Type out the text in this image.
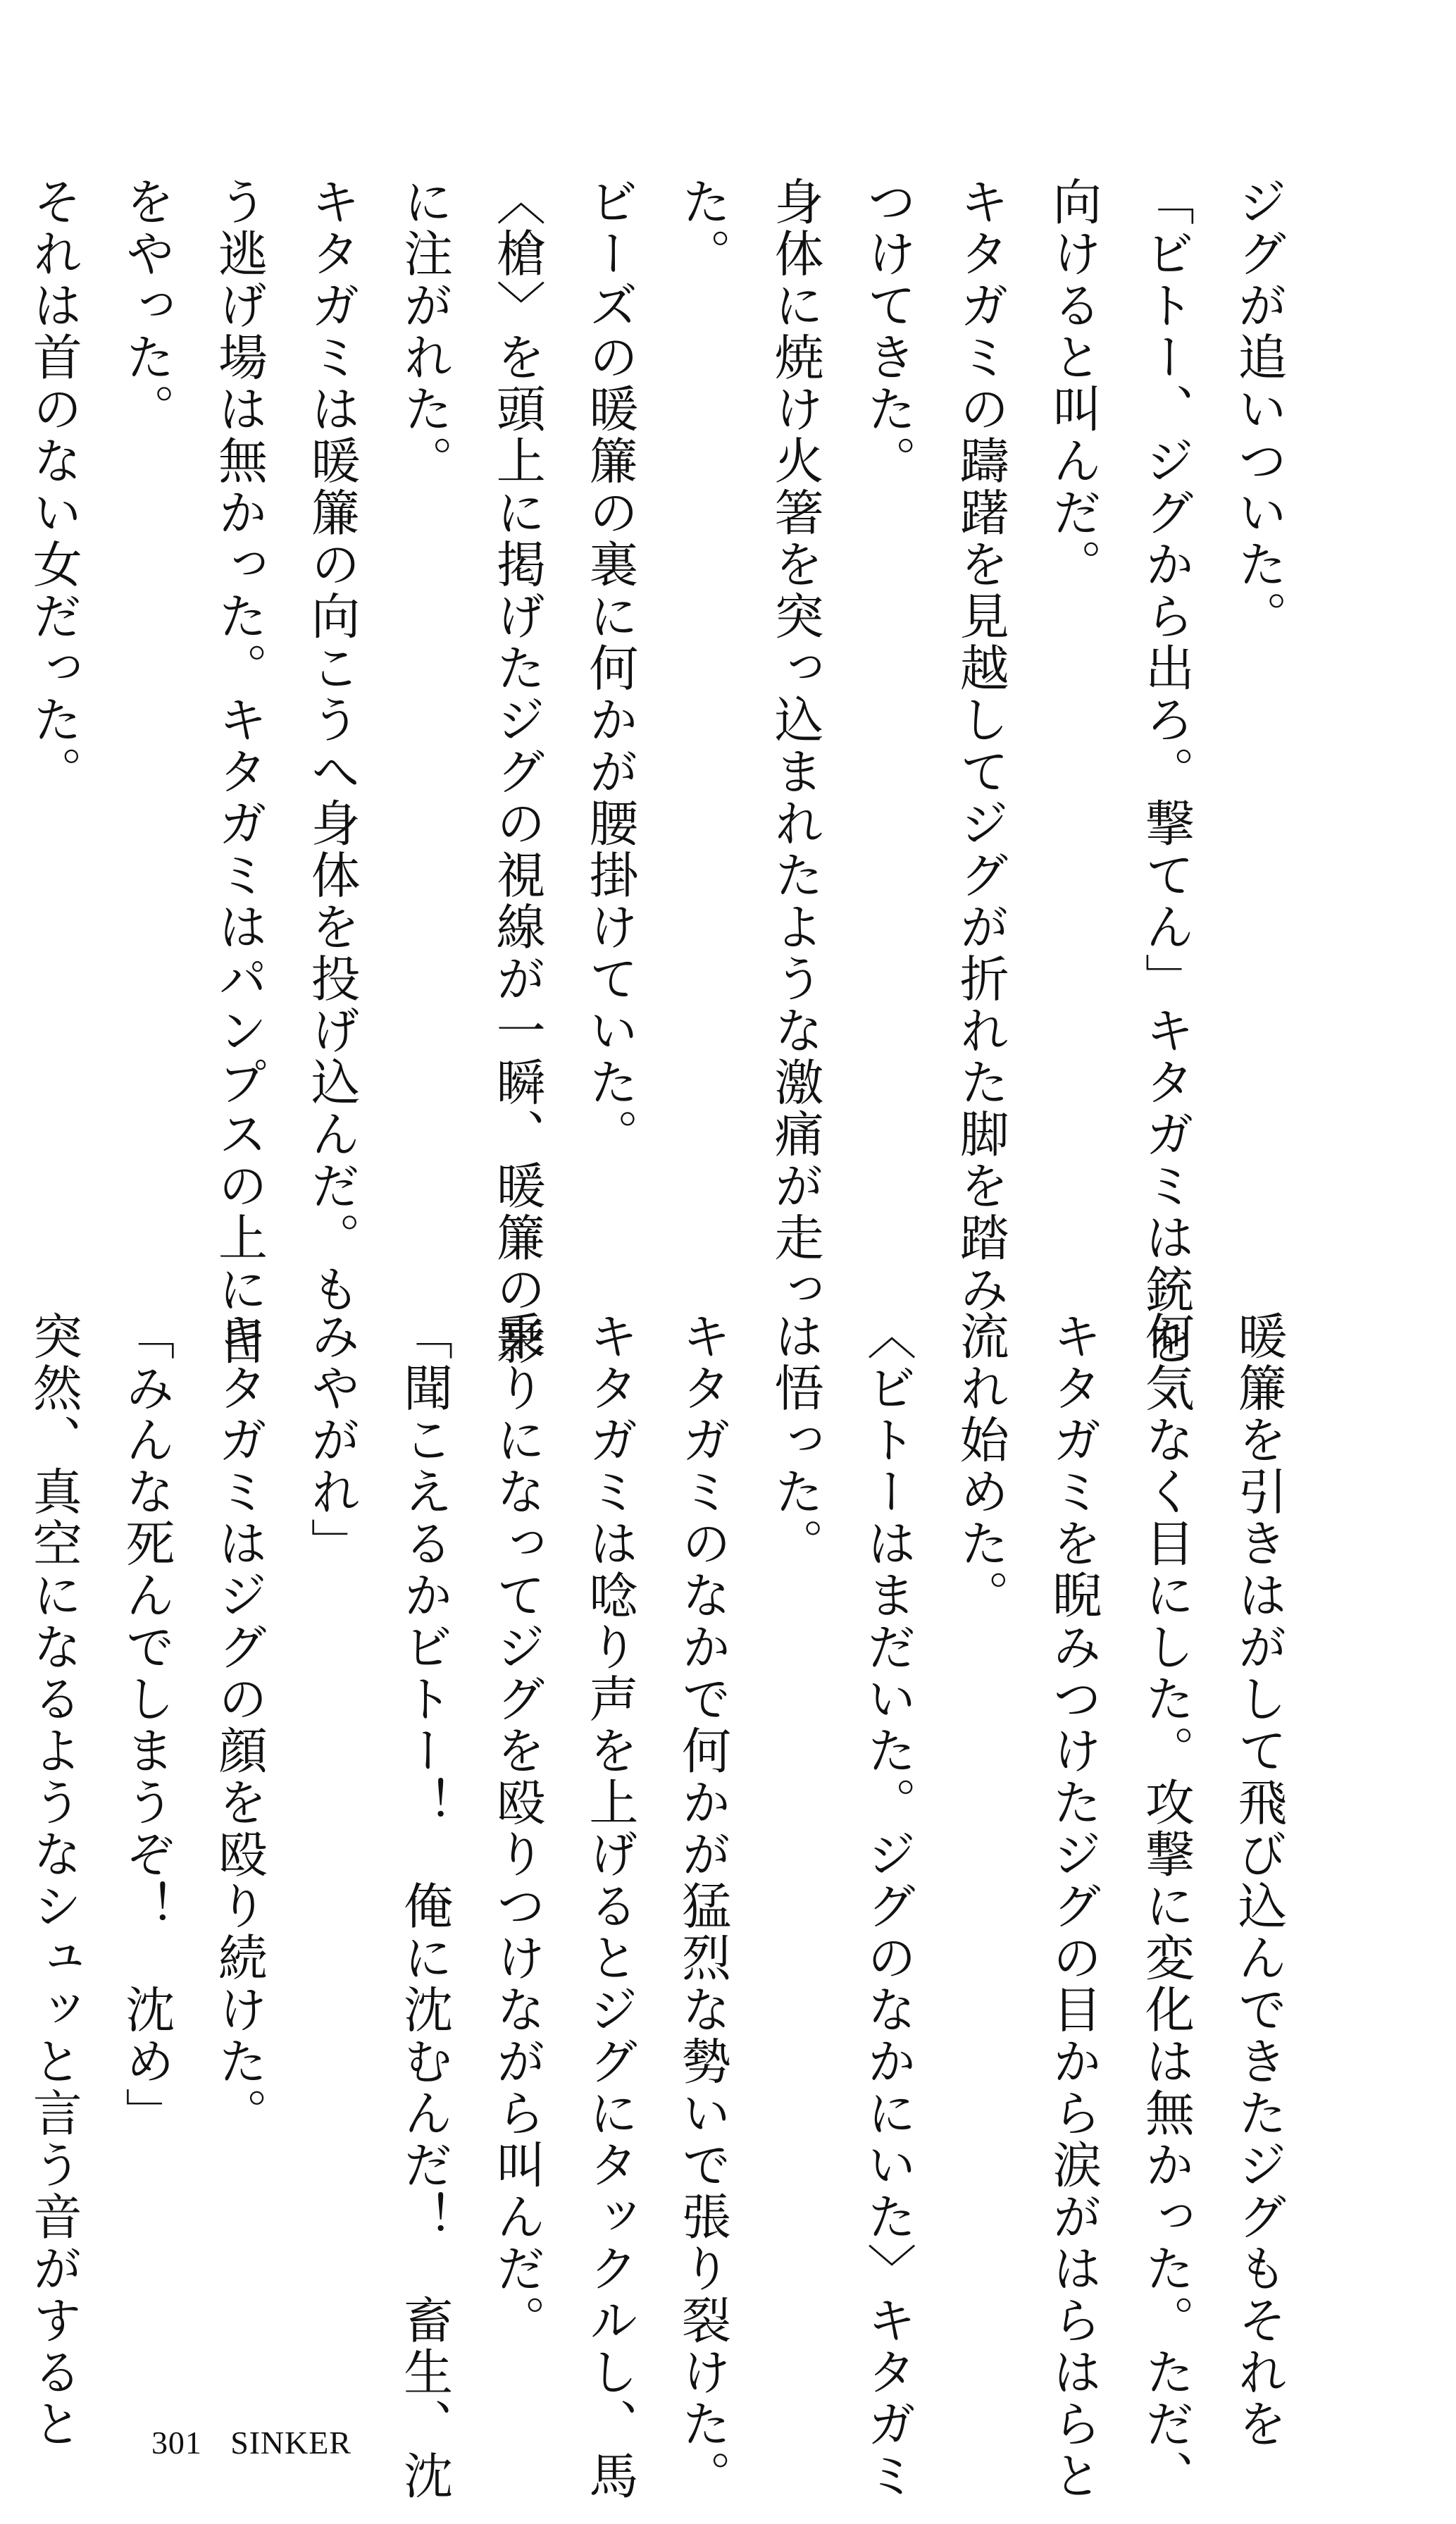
ジグが追いついた。
「ビトー、ジグから出ろ。撃てん」キタガミは銃を
向けると叫んだ。
キタガミの躊躇を見越してジグが折れた脚を踏み
つけてきた。
身体に焼け火箸を突っ込まれたような激痛が走っ
た。
ビーズの暖簾の裏に何かが腰掛けていた。
〈槍〉を頭上に掲げたジグの視線が一瞬、暖簾の影
に注がれた。
キタガミは暖簾の向こうへ身体を投げ込んだ。も
う逃げ場は無かった。キタガミはパンプスの上に目
をやった。
それは首のない女だった。
暖簾を引きはがして飛び込んできたジグもそれを
何気なく目にした。攻撃に変化は無かった。ただ、
キタガミを睨みつけたジグの目から涙がはらはらと
流れ始めた。
〈ビトーはまだいた。ジグのなかにいた〉キタガミ
は悟った。
キタガミのなかで何かが猛烈な勢いで張り裂けた。
キタガミは唸り声を上げるとジグにタックルし、馬
乗りになってジグを殴りつけながら叫んだ。
「聞こえるかビトー！　俺に沈むんだ！　畜生、沈
みやがれ」
キタガミはジグの顔を殴り続けた。
「みんな死んでしまうぞ！　沈め」
突然、真空になるようなシュッと言う音がすると	301 SINKER
